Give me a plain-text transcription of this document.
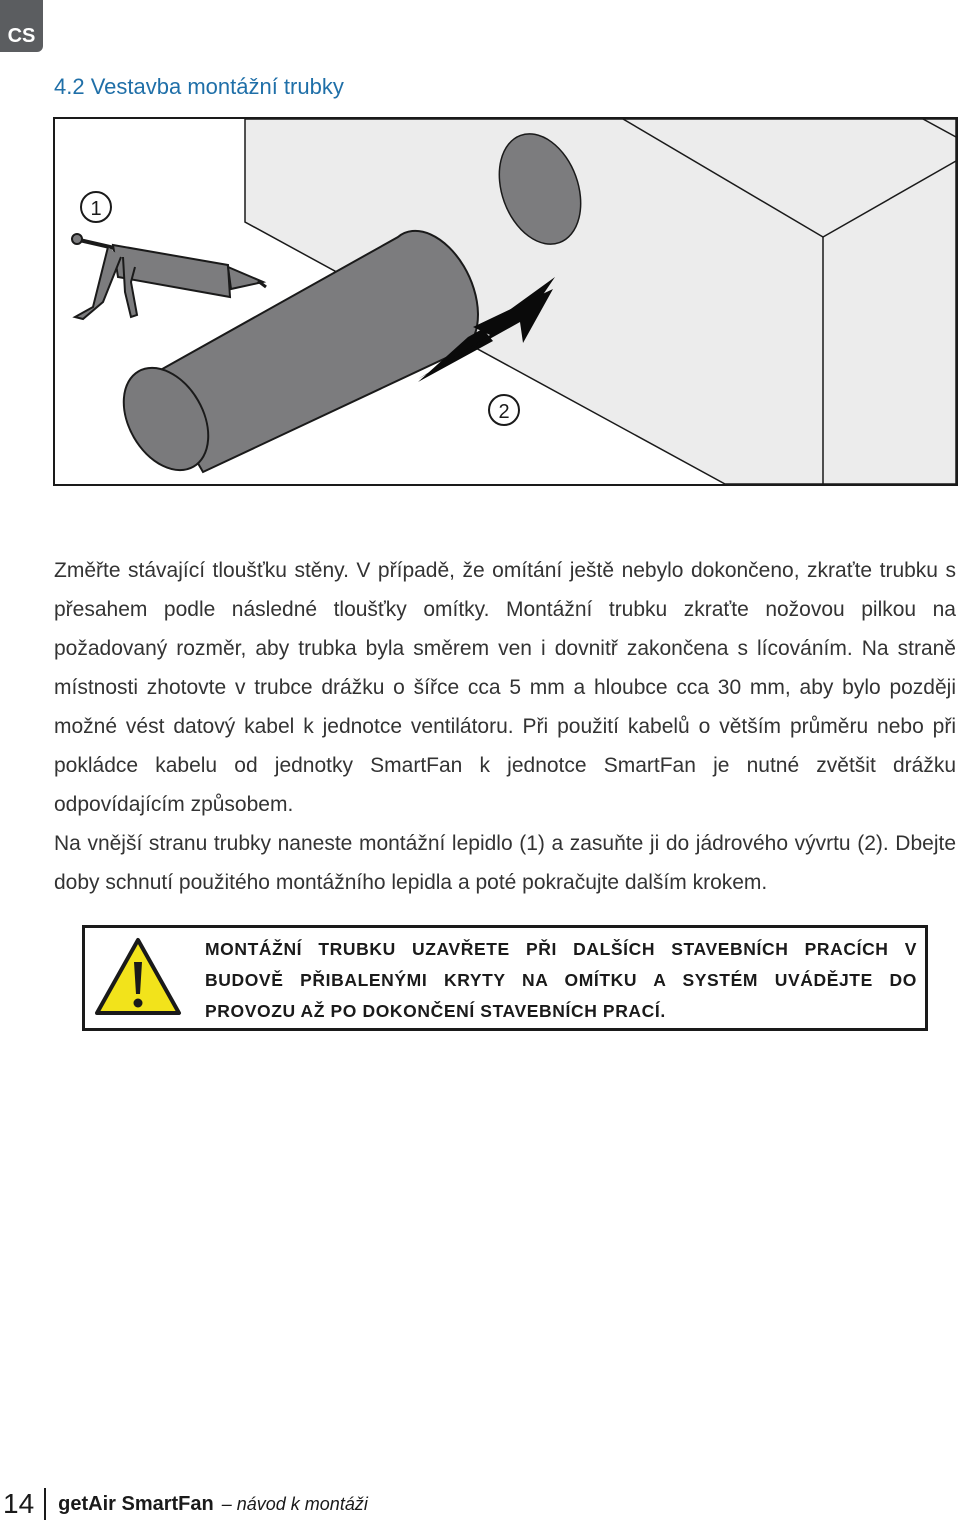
CS
4.2 Vestavba montážní trubky
1
2

Změřte stávající tloušťku stěny. V případě, že omítání ještě nebylo dokončeno, zkraťte trubku s přesahem podle následné tloušťky omítky. Montážní trubku zkraťte nožovou pilkou na požadovaný rozměr, aby trubka byla směrem ven i dovnitř zakončena s lícováním. Na straně místnosti zhotovte v trubce drážku o šířce cca 5 mm a hloubce cca 30 mm, aby bylo později možné vést datový kabel k jednotce ventilátoru. Při použití kabelů o větším průměru nebo při pokládce kabelu od jednotky SmartFan k jednotce SmartFan je nutné zvětšit drážku odpovídajícím způsobem.

Na vnější stranu trubky naneste montážní lepidlo (1) a zasuňte ji do jádrového vývrtu (2). Dbejte doby schnutí použitého montážního lepidla a poté pokračujte dalším krokem.

MONTÁŽNÍ TRUBKU UZAVŘETE PŘI DALŠÍCH STAVEBNÍCH PRACÍCH V BUDOVĚ PŘIBALENÝMI KRYTY NA OMÍTKU A SYSTÉM UVÁDĚJTE DO PROVOZU AŽ PO DOKONČENÍ STAVEBNÍCH PRACÍ.

14 getAir SmartFan – návod k montáži
